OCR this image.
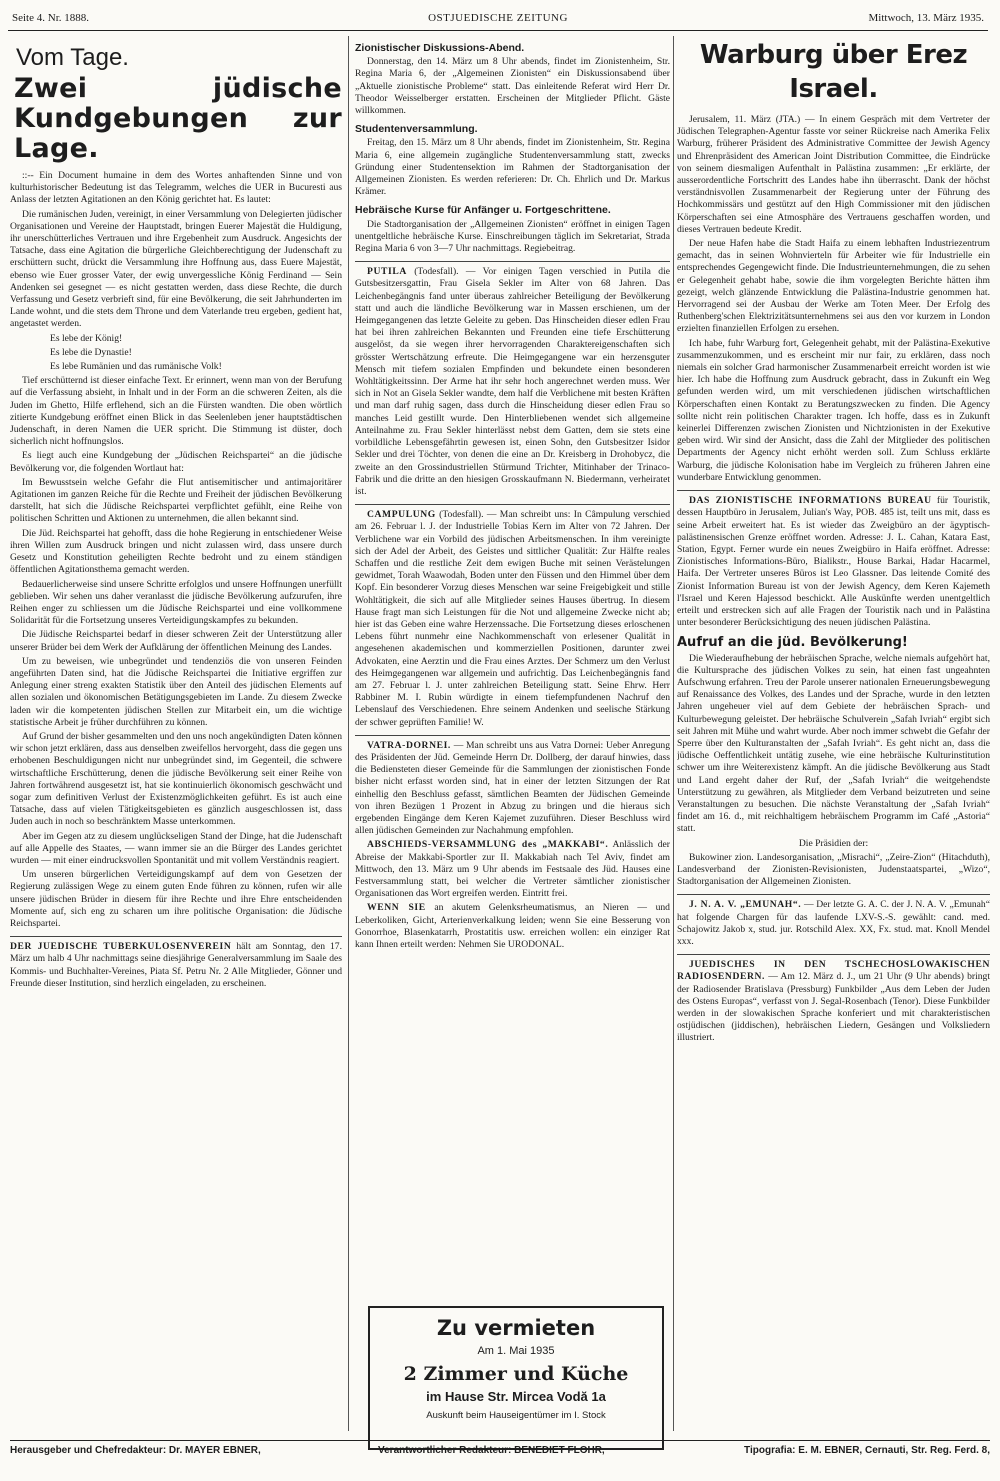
Seite 4. Nr. 1888.	OSTJUEDISCHE ZEITUNG	Mittwoch, 13. März 1935.
Vom Tage.
Zwei jüdische Kundgebungen zur Lage.

::-- Ein Document humaine in dem des Wortes anhaftenden Sinne und von kulturhistorischer Bedeutung ist das Telegramm, welches die UER in Bucuresti aus Anlass der letzten Agitationen an den König gerichtet hat. Es lautet:

Die rumänischen Juden, vereinigt, in einer Versammlung von Delegierten jüdischer Organisationen und Vereine der Hauptstadt, bringen Euerer Majestät die Huldigung, ihr unerschütterliches Vertrauen und ihre Ergebenheit zum Ausdruck. Angesichts der Tatsache, dass eine Agitation die bürgerliche Gleichberechtigung der Judenschaft zu erschüttern sucht, drückt die Versammlung ihre Hoffnung aus, dass Euere Majestät, ebenso wie Euer grosser Vater, der ewig unvergessliche König Ferdinand — Sein Andenken sei gesegnet — es nicht gestatten werden, dass diese Rechte, die durch Verfassung und Gesetz verbrieft sind, für eine Bevölkerung, die seit Jahrhunderten im Lande wohnt, und die stets dem Throne und dem Vaterlande treu ergeben, gedient hat, angetastet werden.

Es lebe der König!

Es lebe die Dynastie!

Es lebe Rumänien und das rumänische Volk!

Tief erschütternd ist dieser einfache Text. Er erinnert, wenn man von der Berufung auf die Verfassung absieht, in Inhalt und in der Form an die schweren Zeiten, als die Juden im Ghetto, Hilfe erflehend, sich an die Fürsten wandten. Die oben wörtlich zitierte Kundgebung eröffnet einen Blick in das Seelenleben jener hauptstädtischen Judenschaft, in deren Namen die UER spricht. Die Stimmung ist düster, doch sicherlich nicht hoffnungslos.

Es liegt auch eine Kundgebung der „Jüdischen Reichspartei“ an die jüdische Bevölkerung vor, die folgenden Wortlaut hat:

Im Bewusstsein welche Gefahr die Flut antisemitischer und antimajoritärer Agitationen im ganzen Reiche für die Rechte und Freiheit der jüdischen Bevölkerung darstellt, hat sich die Jüdische Reichspartei verpflichtet gefühlt, eine Reihe von politischen Schritten und Aktionen zu unternehmen, die allen bekannt sind.

Die Jüd. Reichspartei hat gehofft, dass die hohe Regierung in entschiedener Weise ihren Willen zum Ausdruck bringen und nicht zulassen wird, dass unsere durch Gesetz und Konstitution geheiligten Rechte bedroht und zu einem ständigen öffentlichen Agitationsthema gemacht werden.

Bedauerlicherweise sind unsere Schritte erfolglos und unsere Hoffnungen unerfüllt geblieben. Wir sehen uns daher veranlasst die jüdische Bevölkerung aufzurufen, ihre Reihen enger zu schliessen um die Jüdische Reichspartei und eine vollkommene Solidarität für die Fortsetzung unseres Verteidigungskampfes zu bekunden.

Die Jüdische Reichspartei bedarf in dieser schweren Zeit der Unterstützung aller unserer Brüder bei dem Werk der Aufklärung der öffentlichen Meinung des Landes.

Um zu beweisen, wie unbegründet und tendenziös die von unseren Feinden angeführten Daten sind, hat die Jüdische Reichspartei die Initiative ergriffen zur Anlegung einer streng exakten Statistik über den Anteil des jüdischen Elements auf allen sozialen und ökonomischen Betätigungsgebieten im Lande. Zu diesem Zwecke laden wir die kompetenten jüdischen Stellen zur Mitarbeit ein, um die wichtige statistische Arbeit je früher durchführen zu können.

Auf Grund der bisher gesammelten und den uns noch angekündigten Daten können wir schon jetzt erklären, dass aus denselben zweifellos hervorgeht, dass die gegen uns erhobenen Beschuldigungen nicht nur unbegründet sind, im Gegenteil, die schwere wirtschaftliche Erschütterung, denen die jüdische Bevölkerung seit einer Reihe von Jahren fortwährend ausgesetzt ist, hat sie kontinuierlich ökonomisch geschwächt und sogar zum definitiven Verlust der Existenzmöglichkeiten geführt. Es ist auch eine Tatsache, dass auf vielen Tätigkeitsgebieten es gänzlich ausgeschlossen ist, dass Juden auch in noch so beschränktem Masse unterkommen.

Aber im Gegen atz zu diesem unglückseligen Stand der Dinge, hat die Judenschaft auf alle Appelle des Staates, — wann immer sie an die Bürger des Landes gerichtet wurden — mit einer eindrucksvollen Spontanität und mit vollem Verständnis reagiert.

Um unseren bürgerlichen Verteidigungskampf auf dem von Gesetzen der Regierung zulässigen Wege zu einem guten Ende führen zu können, rufen wir alle unsere jüdischen Brüder in diesem für ihre Rechte und ihre Ehre entscheidenden Momente auf, sich eng zu scharen um ihre politische Organisation: die Jüdische Reichspartei.

DER JUEDISCHE TUBERKULOSENVEREIN hält am Sonntag, den 17. März um halb 4 Uhr nachmittags seine diesjährige Generalversammlung im Saale des Kommis- und Buchhalter-Vereines, Piata Sf. Petru Nr. 2 Alle Mitglieder, Gönner und Freunde dieser Institution, sind herzlich eingeladen, zu erscheinen.

Zionistischer Diskussions-Abend.

Donnerstag, den 14. März um 8 Uhr abends, findet im Zionistenheim, Str. Regina Maria 6, der „Algemeinen Zionisten“ ein Diskussionsabend über „Aktuelle zionistische Probleme“ statt. Das einleitende Referat wird Herr Dr. Theodor Weisselberger erstatten. Erscheinen der Mitglieder Pflicht. Gäste willkommen.

Studentenversammlung.

Freitag, den 15. März um 8 Uhr abends, findet im Zionistenheim, Str. Regina Maria 6, eine allgemein zugängliche Studentenversammlung statt, zwecks Gründung einer Studentensektion im Rahmen der Stadtorganisation der Allgemeinen Zionisten. Es werden referieren: Dr. Ch. Ehrlich und Dr. Markus Krämer.

Hebräische Kurse für Anfänger u. Fortgeschrittene.

Die Stadtorganisation der „Allgemeinen Zionisten“ eröffnet in einigen Tagen unentgeltliche hebräische Kurse. Einschreibungen täglich im Sekretariat, Strada Regina Maria 6 von 3—7 Uhr nachmittags. Regiebeitrag.

PUTILA (Todesfall). — Vor einigen Tagen verschied in Putila die Gutsbesitzersgattin, Frau Gisela Sekler im Alter von 68 Jahren. Das Leichenbegängnis fand unter überaus zahlreicher Beteiligung der Bevölkerung statt und auch die ländliche Bevölkerung war in Massen erschienen, um der Heimgegangenen das letzte Geleite zu geben. Das Hinscheiden dieser edlen Frau hat bei ihren zahlreichen Bekannten und Freunden eine tiefe Erschütterung ausgelöst, da sie wegen ihrer hervorragenden Charaktereigenschaften sich grösster Wertschätzung erfreute. Die Heimgegangene war ein herzensguter Mensch mit tiefem sozialen Empfinden und bekundete einen besonderen Wohltätigkeitssinn. Der Arme hat ihr sehr hoch angerechnet werden muss. Wer sich in Not an Gisela Sekler wandte, dem half die Verblichene mit besten Kräften und man darf ruhig sagen, dass durch die Hinscheidung dieser edlen Frau so manches Leid gestillt wurde. Den Hinterbliebenen wendet sich allgemeine Anteilnahme zu. Frau Sekler hinterlässt nebst dem Gatten, dem sie stets eine vorbildliche Lebensgefährtin gewesen ist, einen Sohn, den Gutsbesitzer Isidor Sekler und drei Töchter, von denen die eine an Dr. Kreisberg in Drohobycz, die zweite an den Grossindustriellen Stürmund Trichter, Mitinhaber der Trinaco-Fabrik und die dritte an den hiesigen Grosskaufmann N. Biedermann, verheiratet ist.

CAMPULUNG (Todesfall). — Man schreibt uns: In Câmpulung verschied am 26. Februar l. J. der Industrielle Tobias Kern im Alter von 72 Jahren. Der Verblichene war ein Vorbild des jüdischen Arbeitsmenschen. In ihm vereinigte sich der Adel der Arbeit, des Geistes und sittlicher Qualität: Zur Hälfte reales Schaffen und die restliche Zeit dem ewigen Buche mit seinen Verästelungen gewidmet, Torah Waawodah, Boden unter den Füssen und den Himmel über dem Kopf. Ein besonderer Vorzug dieses Menschen war seine Freigebigkeit und stille Wohltätigkeit, die sich auf alle Mitglieder seines Hauses übertrug. In diesem Hause fragt man sich Leistungen für die Not und allgemeine Zwecke nicht ab; hier ist das Geben eine wahre Herzenssache. Die Fortsetzung dieses erloschenen Lebens führt nunmehr eine Nachkommenschaft von erlesener Qualität in angesehenen akademischen und kommerziellen Positionen, darunter zwei Advokaten, eine Aerztin und die Frau eines Arztes. Der Schmerz um den Verlust des Heimgegangenen war allgemein und aufrichtig. Das Leichenbegängnis fand am 27. Februar l. J. unter zahlreichen Beteiligung statt. Seine Ehrw. Herr Rabbiner M. I. Rubin würdigte in einem tiefempfundenen Nachruf den Lebenslauf des Verschiedenen. Ehre seinem Andenken und seelische Stärkung der schwer geprüften Familie! W.

VATRA-DORNEI. — Man schreibt uns aus Vatra Dornei: Ueber Anregung des Präsidenten der Jüd. Gemeinde Herrn Dr. Dollberg, der darauf hinwies, dass die Bediensteten dieser Gemeinde für die Sammlungen der zionistischen Fonde bisher nicht erfasst worden sind, hat in einer der letzten Sitzungen der Rat einhellig den Beschluss gefasst, sämtlichen Beamten der Jüdischen Gemeinde von ihren Bezügen 1 Prozent in Abzug zu bringen und die hieraus sich ergebenden Eingänge dem Keren Kajemet zuzuführen. Dieser Beschluss wird allen jüdischen Gemeinden zur Nachahmung empfohlen.

ABSCHIEDS-VERSAMMLUNG des „MAKKABI“. Anlässlich der Abreise der Makkabi-Sportler zur II. Makkabiah nach Tel Aviv, findet am Mittwoch, den 13. März um 9 Uhr abends im Festsaale des Jüd. Hauses eine Festversammlung statt, bei welcher die Vertreter sämtlicher zionistischer Organisationen das Wort ergreifen werden. Eintritt frei.

WENN SIE an akutem Gelenksrheumatismus, an Nieren — und Leberkoliken, Gicht, Arterienverkalkung leiden; wenn Sie eine Besserung von Gonorrhoe, Blasenkatarrh, Prostatitis usw. erreichen wollen: ein einziger Rat kann Ihnen erteilt werden: Nehmen Sie URODONAL.

Warburg über Erez Israel.

Jerusalem, 11. März (JTA.) — In einem Gespräch mit dem Vertreter der Jüdischen Telegraphen-Agentur fasste vor seiner Rückreise nach Amerika Felix Warburg, früherer Präsident des Administrative Committee der Jewish Agency und Ehrenpräsident des American Joint Distribution Committee, die Eindrücke von seinem diesmaligen Aufenthalt in Palästina zusammen: „Er erklärte, der ausserordentliche Fortschritt des Landes habe ihn überrascht. Dank der höchst verständnisvollen Zusammenarbeit der Regierung unter der Führung des Hochkommissärs und gestützt auf den High Commissioner mit den jüdischen Körperschaften sei eine Atmosphäre des Vertrauens geschaffen worden, und dieses Vertrauen bedeute Kredit.

Der neue Hafen habe die Stadt Haifa zu einem lebhaften Industriezentrum gemacht, das in seinen Wohnvierteln für Arbeiter wie für Industrielle ein entsprechendes Gegengewicht finde. Die Industrieunternehmungen, die zu sehen er Gelegenheit gehabt habe, sowie die ihm vorgelegten Berichte hätten ihm gezeigt, welch glänzende Entwicklung die Palästina-Industrie genommen hat. Hervorragend sei der Ausbau der Werke am Toten Meer. Der Erfolg des Ruthenberg'schen Elektrizitätsunternehmens sei aus den vor kurzem in London erzielten finanziellen Erfolgen zu ersehen.

Ich habe, fuhr Warburg fort, Gelegenheit gehabt, mit der Palästina-Exekutive zusammenzukommen, und es erscheint mir nur fair, zu erklären, dass noch niemals ein solcher Grad harmonischer Zusammenarbeit erreicht worden ist wie hier. Ich habe die Hoffnung zum Ausdruck gebracht, dass in Zukunft ein Weg gefunden werden wird, um mit verschiedenen jüdischen wirtschaftlichen Körperschaften einen Kontakt zu Beratungszwecken zu finden. Die Agency sollte nicht rein politischen Charakter tragen. Ich hoffe, dass es in Zukunft keinerlei Differenzen zwischen Zionisten und Nichtzionisten in der Exekutive geben wird. Wir sind der Ansicht, dass die Zahl der Mitglieder des politischen Departments der Agency nicht erhöht werden soll. Zum Schluss erklärte Warburg, die jüdische Kolonisation habe im Vergleich zu früheren Jahren eine wunderbare Entwicklung genommen.

DAS ZIONISTISCHE INFORMATIONS BUREAU für Touristik, dessen Hauptbüro in Jerusalem, Julian's Way, POB. 485 ist, teilt uns mit, dass es seine Arbeit erweitert hat. Es ist wieder das Zweigbüro an der ägyptisch-palästinensischen Grenze eröffnet worden. Adresse: J. L. Cahan, Katara East, Station, Egypt. Ferner wurde ein neues Zweigbüro in Haifa eröffnet. Adresse: Zionistisches Informations-Büro, Bialikstr., House Barkai, Hadar Hacarmel, Haifa. Der Vertreter unseres Büros ist Leo Glassner. Das leitende Comité des Zionist Information Bureau ist von der Jewish Agency, dem Keren Kajemeth l'Israel und Keren Hajessod beschickt. Alle Auskünfte werden unentgeltlich erteilt und erstrecken sich auf alle Fragen der Touristik nach und in Palästina unter besonderer Berücksichtigung des neuen jüdischen Palästina.

Aufruf an die jüd. Bevölkerung!

Die Wiederaufhebung der hebräischen Sprache, welche niemals aufgehört hat, die Kultursprache des jüdischen Volkes zu sein, hat einen fast ungeahnten Aufschwung erfahren. Treu der Parole unserer nationalen Erneuerungsbewegung auf Renaissance des Volkes, des Landes und der Sprache, wurde in den letzten Jahren ungeheuer viel auf dem Gebiete der hebräischen Sprach- und Kulturbewegung geleistet. Der hebräische Schulverein „Safah Ivriah“ ergibt sich seit Jahren mit Mühe und wahrt wurde. Aber noch immer schwebt die Gefahr der Sperre über den Kulturanstalten der „Safah Ivriah“. Es geht nicht an, dass die jüdische Oeffentlichkeit untätig zusehe, wie eine hebräische Kulturinstitution schwer um ihre Weiterexistenz kämpft. An die jüdische Bevölkerung aus Stadt und Land ergeht daher der Ruf, der „Safah Ivriah“ die weitgehendste Unterstützung zu gewähren, als Mitglieder dem Verband beizutreten und seine Veranstaltungen zu besuchen. Die nächste Veranstaltung der „Safah Ivriah“ findet am 16. d., mit reichhaltigem hebräischem Programm im Café „Astoria“ statt.

Die Präsidien der:

Bukowiner zion. Landesorganisation, „Misrachi“, „Zeire-Zion“ (Hitachduth), Landesverband der Zionisten-Revisionisten, Judenstaatspartei, „Wizo“, Stadtorganisation der Allgemeinen Zionisten.

J. N. A. V. „EMUNAH“. — Der letzte G. A. C. der J. N. A. V. „Emunah“ hat folgende Chargen für das laufende LXV-S.-S. gewählt: cand. med. Schajowitz Jakob x, stud. jur. Rotschild Alex. XX, Fx. stud. mat. Knoll Mendel xxx.

JUEDISCHES IN DEN TSCHECHOSLOWAKISCHEN RADIOSENDERN. — Am 12. März d. J., um 21 Uhr (9 Uhr abends) bringt der Radiosender Bratislava (Pressburg) Funkbilder „Aus dem Leben der Juden des Ostens Europas“, verfasst von J. Segal-Rosenbach (Tenor). Diese Funkbilder werden in der slowakischen Sprache konferiert und mit charakteristischen ostjüdischen (jiddischen), hebräischen Liedern, Gesängen und Volksliedern illustriert.

Zu vermieten
Am 1. Mai 1935
2 Zimmer und Küche
im Hause Str. Mircea Vodă 1a
Auskunft beim Hauseigentümer im I. Stock
Herausgeber und Chefredakteur: Dr. MAYER EBNER,	Verantwortlicher Redakteur: BENEDIET FLOHR,	Tipografia: E. M. EBNER, Cernauti, Str. Reg. Ferd. 8,
